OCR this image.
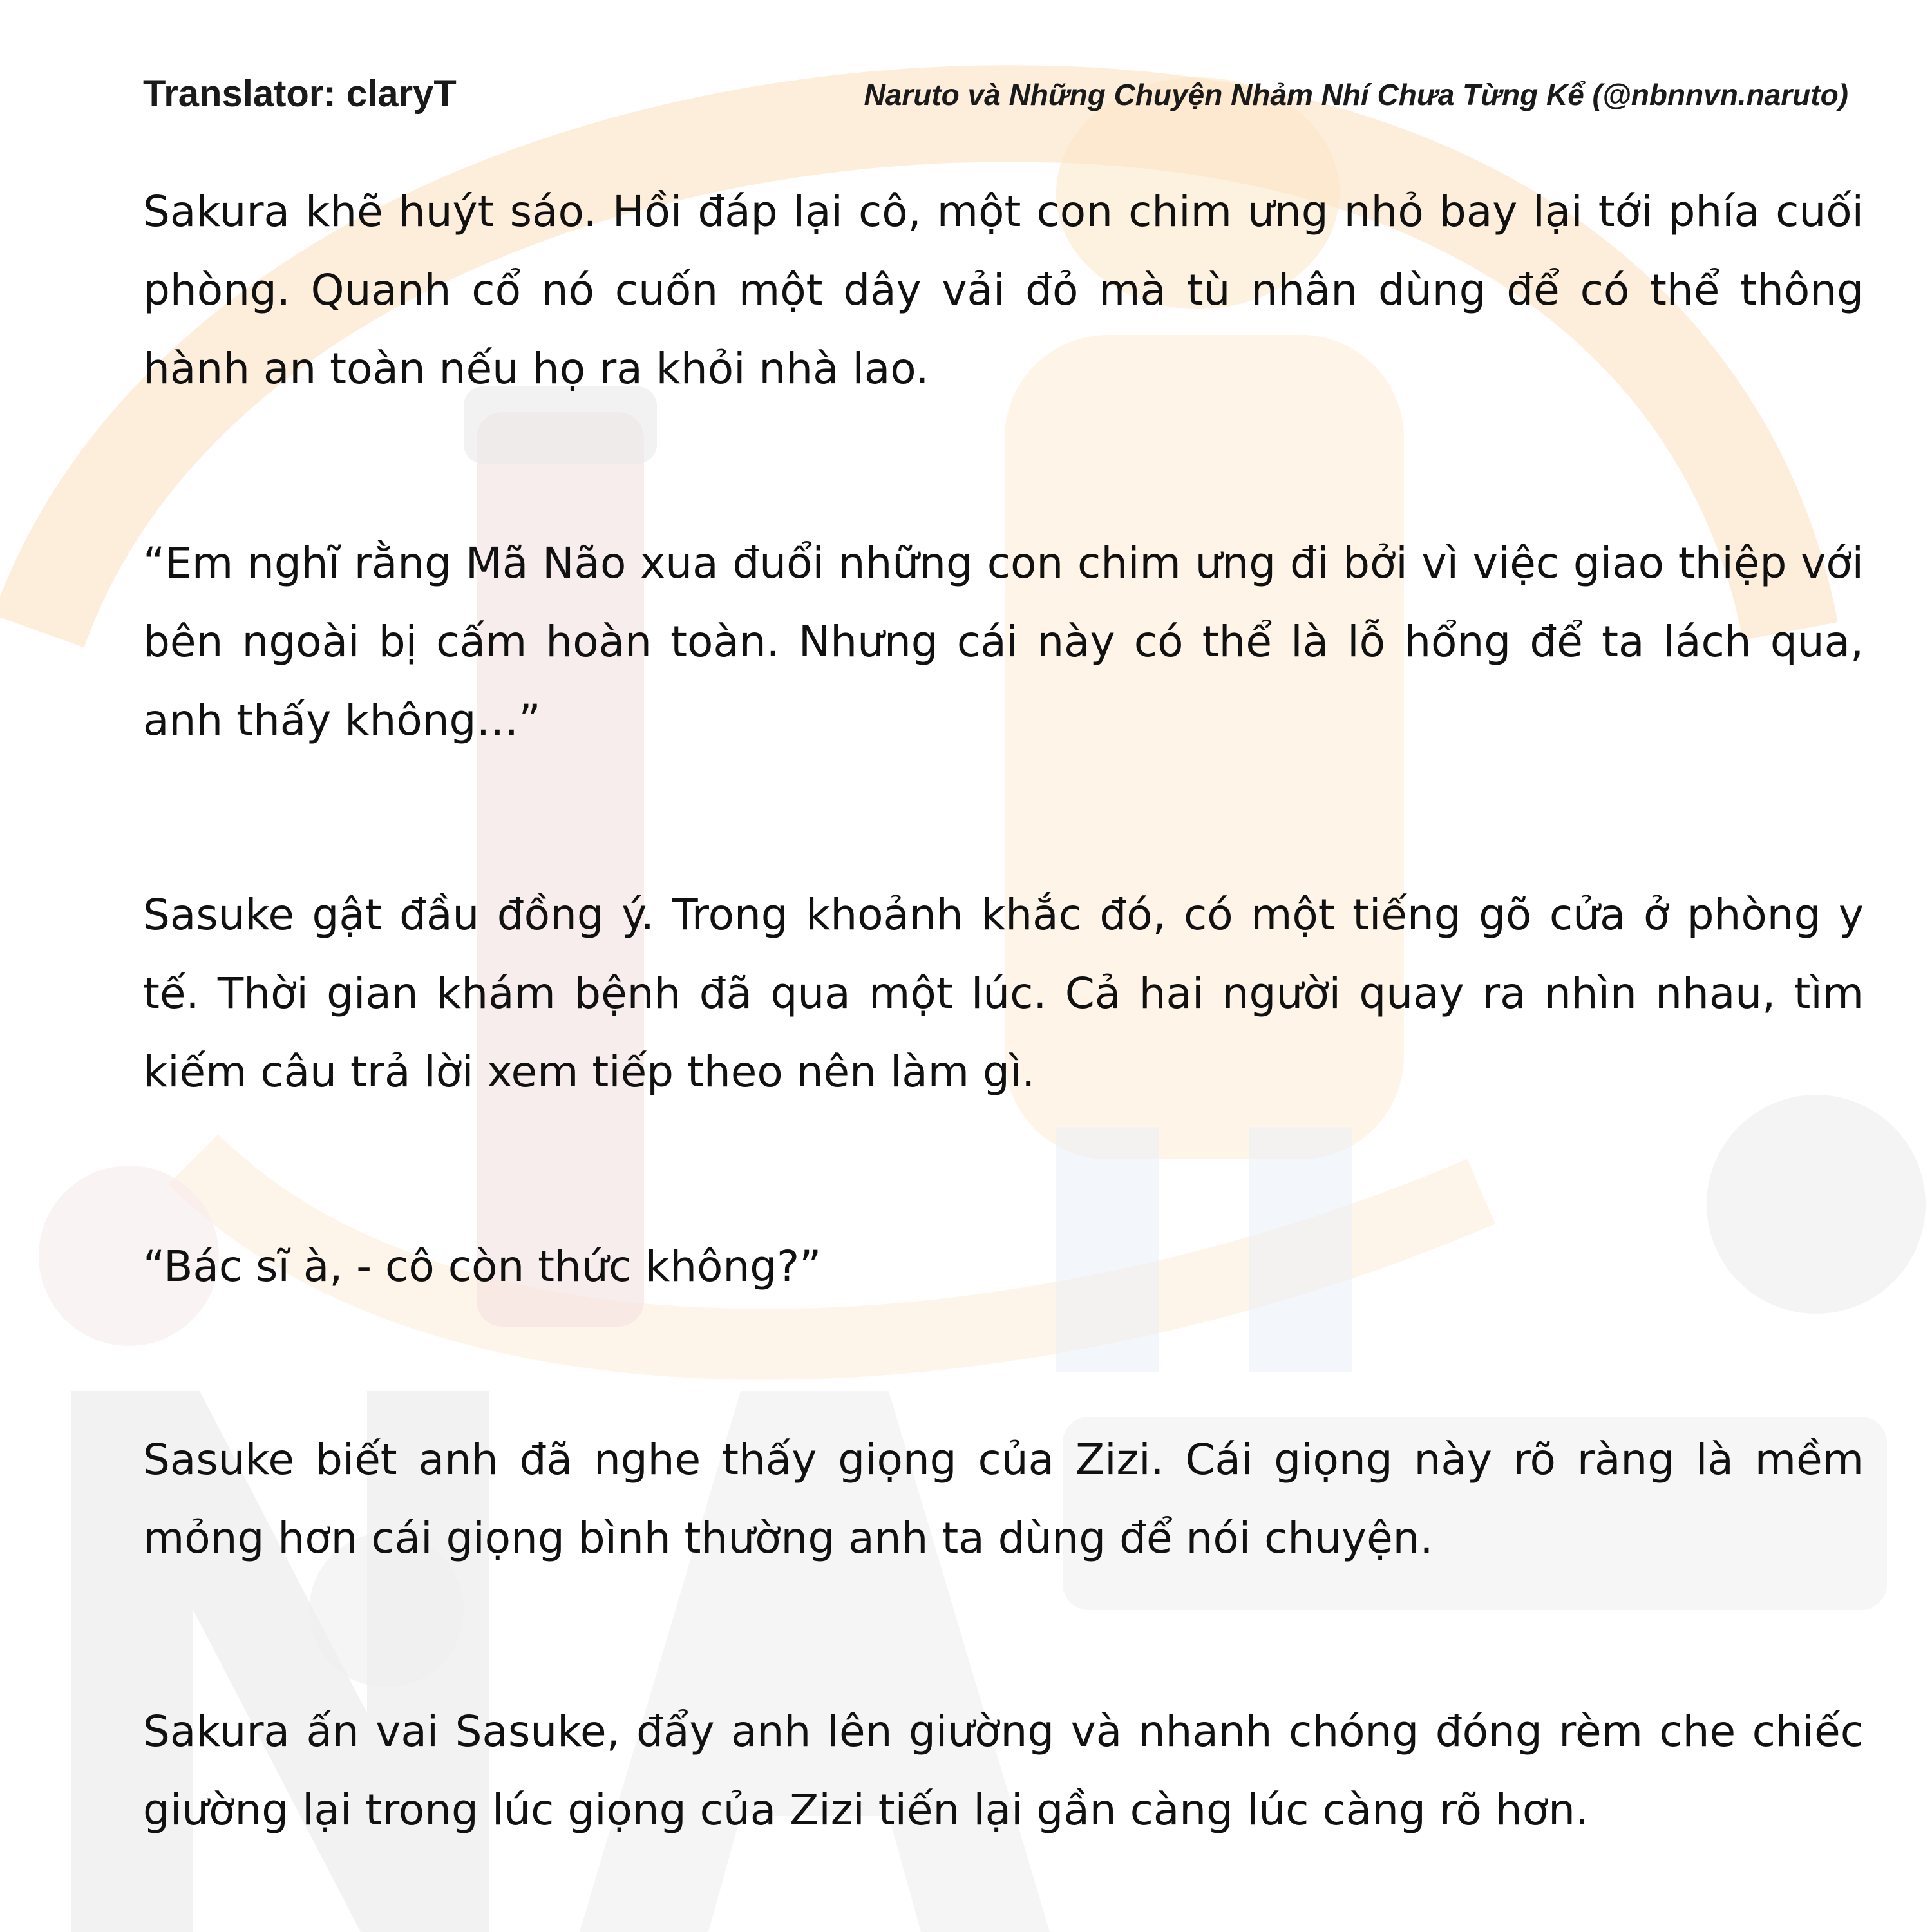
Translator: claryT	Naruto và Những Chuyện Nhảm Nhí Chưa Từng Kể (@nbnnvn.naruto)

Sakura khẽ huýt sáo. Hồi đáp lại cô, một con chim ưng nhỏ bay lại tới phía cuối phòng. Quanh cổ nó cuốn một dây vải đỏ mà tù nhân dùng để có thể thông hành an toàn nếu họ ra khỏi nhà lao.

“Em nghĩ rằng Mã Não xua đuổi những con chim ưng đi bởi vì việc giao thiệp với bên ngoài bị cấm hoàn toàn. Nhưng cái này có thể là lỗ hổng để ta lách qua, anh thấy không…”

Sasuke gật đầu đồng ý. Trong khoảnh khắc đó, có một tiếng gõ cửa ở phòng y tế. Thời gian khám bệnh đã qua một lúc. Cả hai người quay ra nhìn nhau, tìm kiếm câu trả lời xem tiếp theo nên làm gì.

“Bác sĩ à, - cô còn thức không?”

Sasuke biết anh đã nghe thấy giọng của Zizi. Cái giọng này rõ ràng là mềm mỏng hơn cái giọng bình thường anh ta dùng để nói chuyện.

Sakura ấn vai Sasuke, đẩy anh lên giường và nhanh chóng đóng rèm che chiếc giường lại trong lúc giọng của Zizi tiến lại gần càng lúc càng rõ hơn.
